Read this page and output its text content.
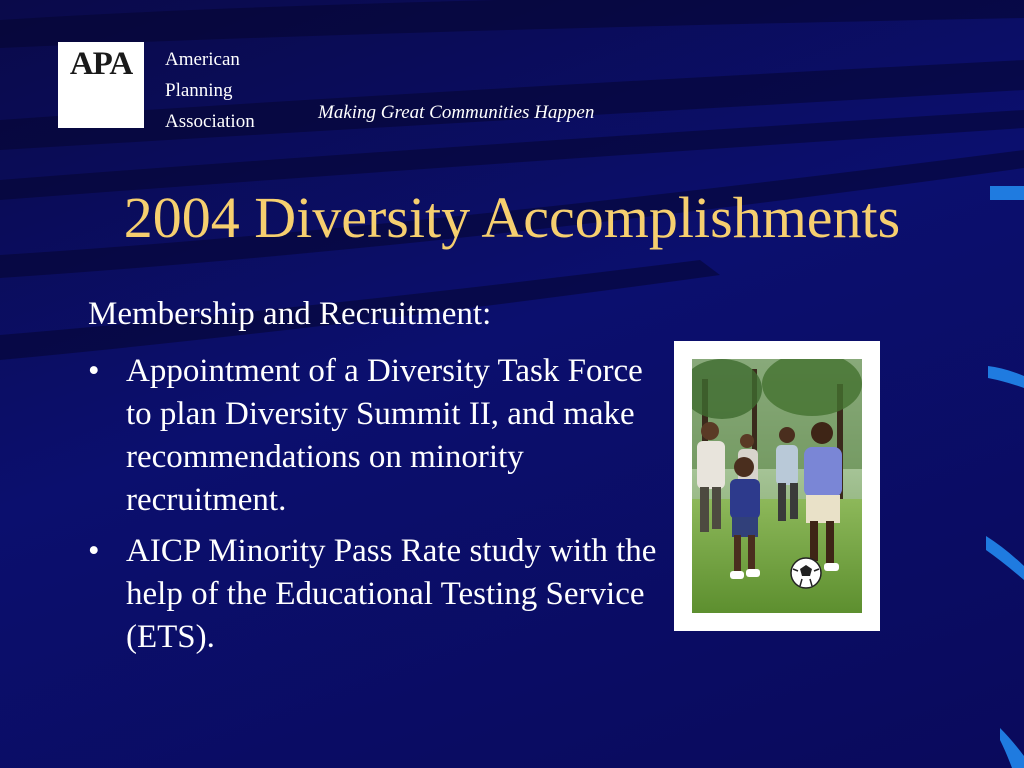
APA	American
Planning
Association	Making Great Communities Happen
2004 Diversity Accomplishments
Membership and Recruitment:
• Appointment of a Diversity Task Force to plan Diversity Summit II, and make recommendations on minority recruitment.
• AICP Minority Pass Rate study with the help of the Educational Testing Service (ETS).
